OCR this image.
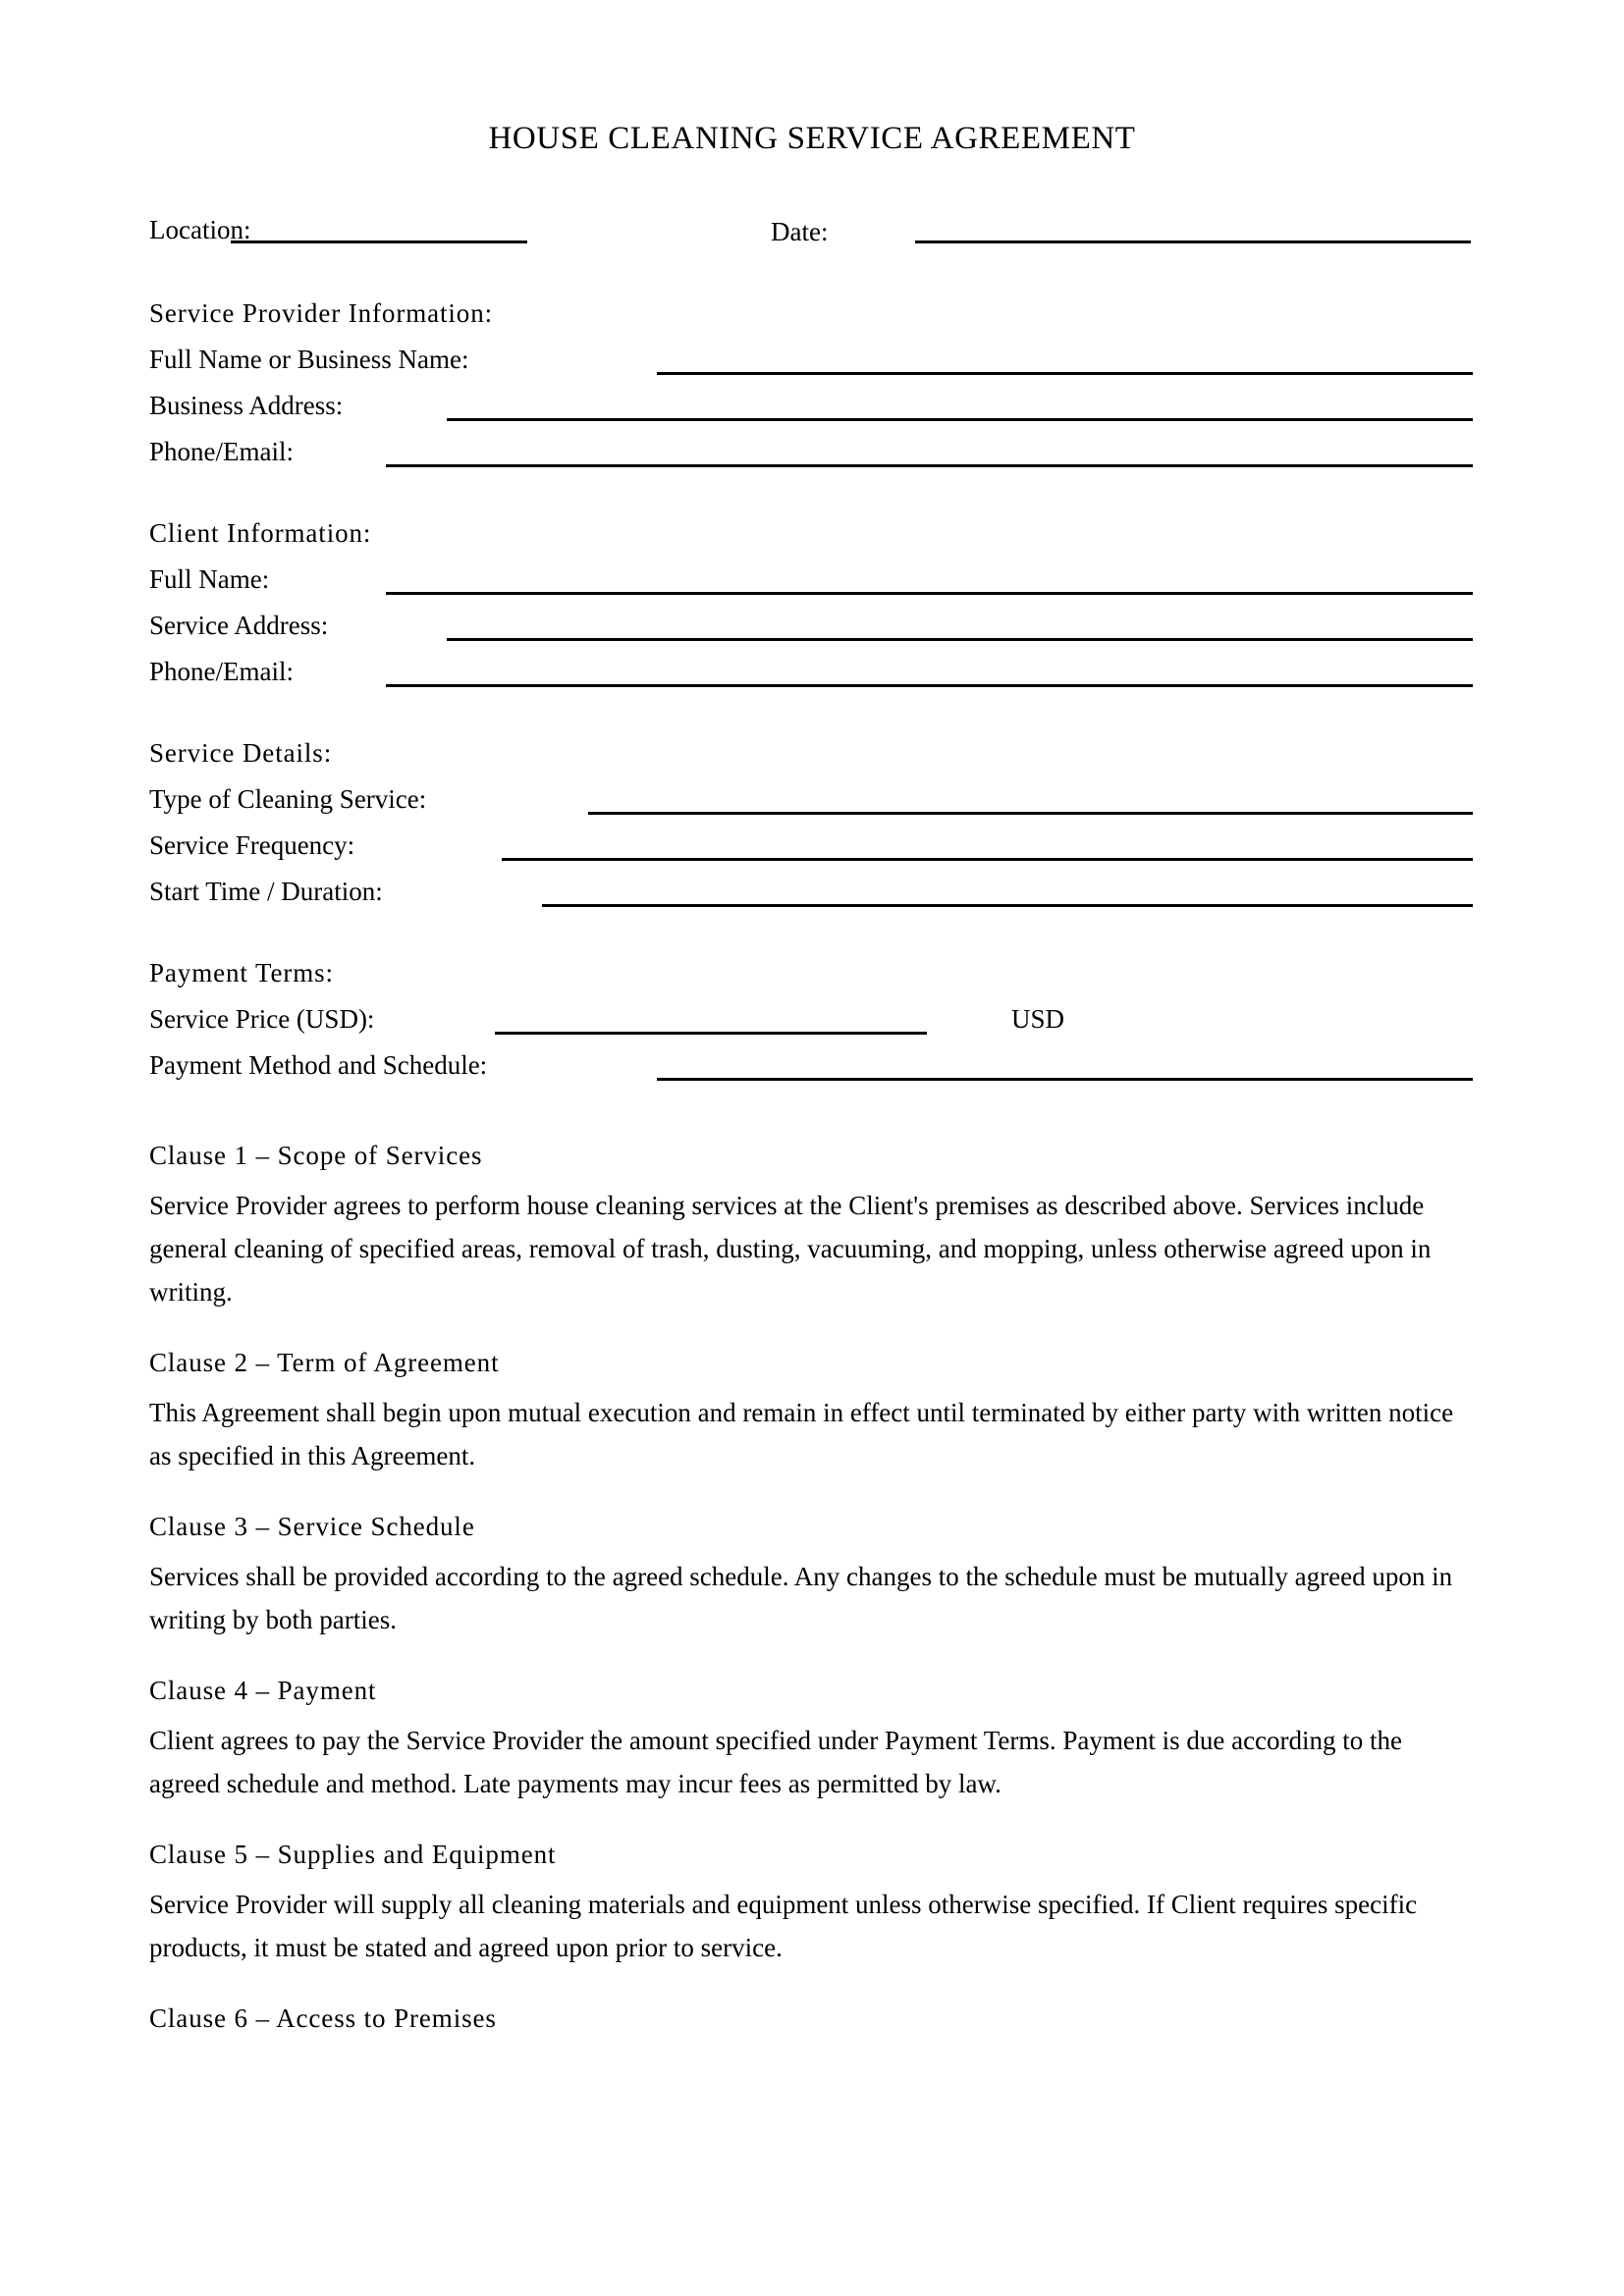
HOUSE CLEANING SERVICE AGREEMENT
Location:	Date:
Service Provider Information:
Full Name or Business Name:
Business Address:
Phone/Email:
Client Information:
Full Name:
Service Address:
Phone/Email:
Service Details:
Type of Cleaning Service:
Service Frequency:
Start Time / Duration:
Payment Terms:
Service Price (USD):	USD
Payment Method and Schedule:
Clause 1 – Scope of Services
Service Provider agrees to perform house cleaning services at the Client's premises as described above. Services include general cleaning of specified areas, removal of trash, dusting, vacuuming, and mopping, unless otherwise agreed upon in writing.
Clause 2 – Term of Agreement
This Agreement shall begin upon mutual execution and remain in effect until terminated by either party with written notice as specified in this Agreement.
Clause 3 – Service Schedule
Services shall be provided according to the agreed schedule. Any changes to the schedule must be mutually agreed upon in writing by both parties.
Clause 4 – Payment
Client agrees to pay the Service Provider the amount specified under Payment Terms. Payment is due according to the agreed schedule and method. Late payments may incur fees as permitted by law.
Clause 5 – Supplies and Equipment
Service Provider will supply all cleaning materials and equipment unless otherwise specified. If Client requires specific products, it must be stated and agreed upon prior to service.
Clause 6 – Access to Premises
